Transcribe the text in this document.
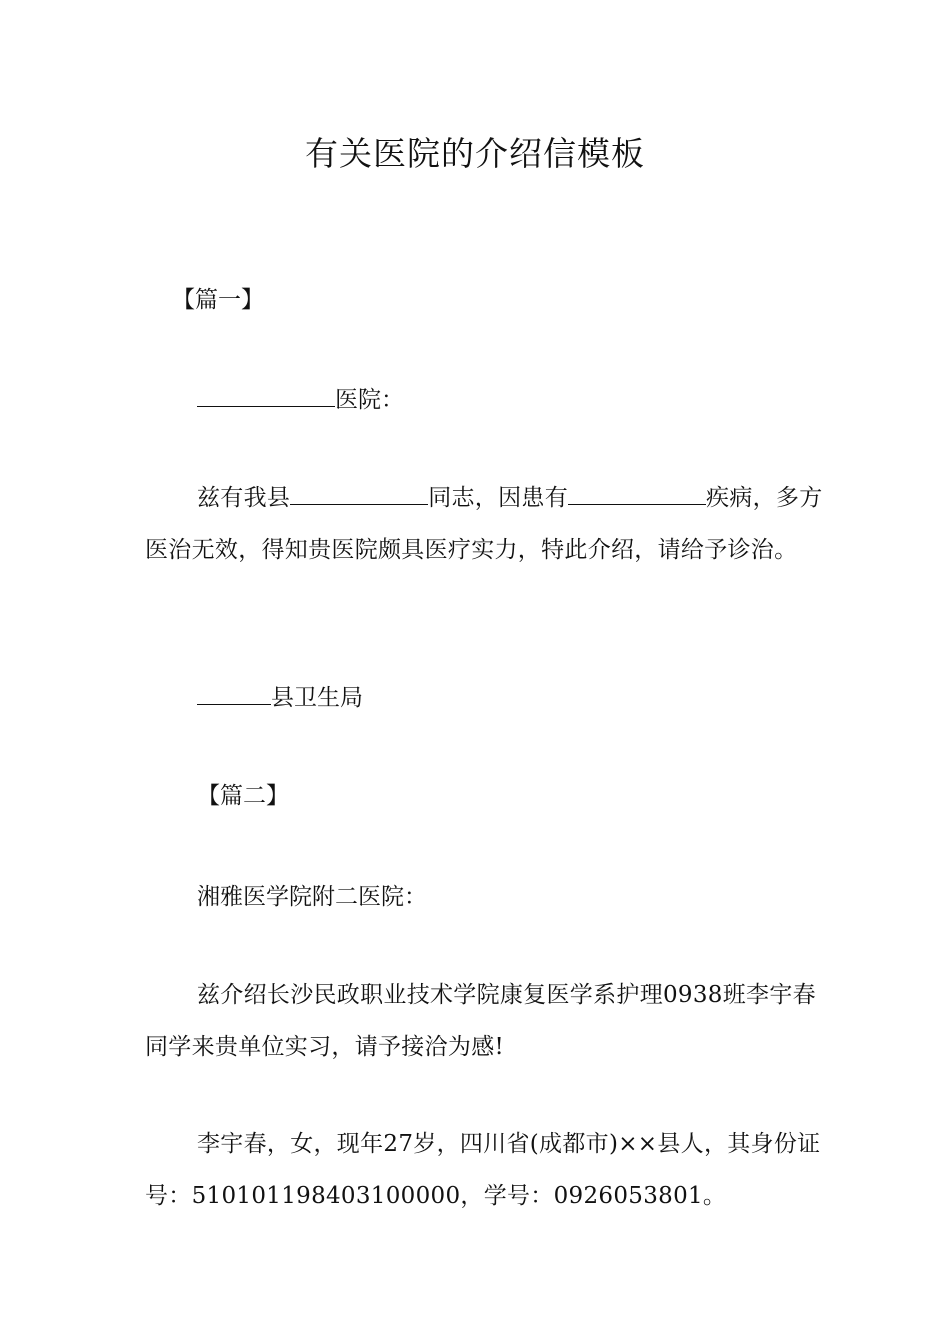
有关医院的介绍信模板
【篇一】
医院：
兹有我县	同志，因患有	疾病，多方医治无效，得知贵医院颇具医疗实力，特此介绍，请给予诊治。
县卫生局
【篇二】
湘雅医学院附二医院：

兹介绍长沙民政职业技术学院康复医学系护理0938班李宇春同学来贵单位实习，请予接洽为感!

李宇春，女，现年27岁，四川省(成都市)××县人，其身份证号：510101198403100000，学号：0926053801。
